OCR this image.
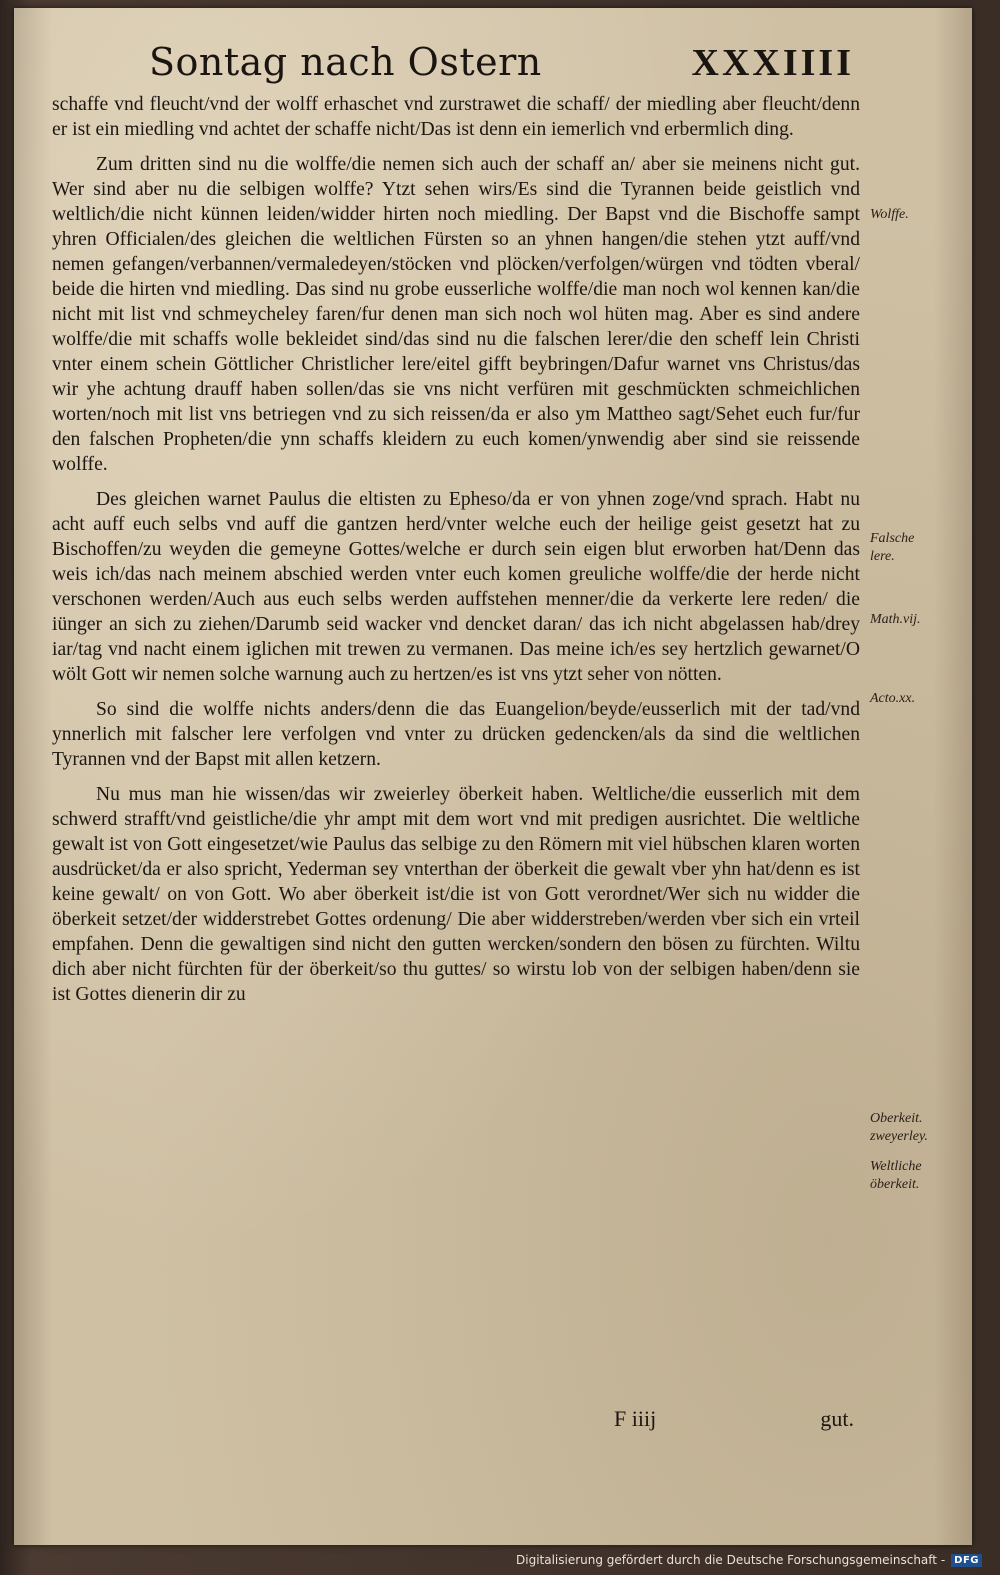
Sontag nach Ostern	XXXIIII

schaffe vnd fleucht/vnd der wolff erhaschet vnd zurstrawet die schaff/ der miedling aber fleucht/denn er ist ein miedling vnd achtet der schaffe nicht/Das ist denn ein iemerlich vnd erbermlich ding.

Zum dritten sind nu die wolffe/die nemen sich auch der schaff an/ aber sie meinens nicht gut. Wer sind aber nu die selbigen wolffe? Ytzt sehen wirs/Es sind die Tyrannen beide geistlich vnd weltlich/die nicht künnen leiden/widder hirten noch miedling. Der Bapst vnd die Bischoffe sampt yhren Officialen/des gleichen die weltlichen Fürsten so an yhnen hangen/die stehen ytzt auff/vnd nemen gefangen/verbannen/vermaledeyen/stöcken vnd plöcken/verfolgen/würgen vnd tödten vberal/ beide die hirten vnd miedling. Das sind nu grobe eusserliche wolffe/die man noch wol kennen kan/die nicht mit list vnd schmeycheley faren/fur denen man sich noch wol hüten mag. Aber es sind andere wolffe/die mit schaffs wolle bekleidet sind/das sind nu die falschen lerer/die den scheff lein Christi vnter einem schein Göttlicher Christlicher lere/eitel gifft beybringen/Dafur warnet vns Christus/das wir yhe achtung drauff haben sollen/das sie vns nicht verfüren mit geschmückten schmeichlichen worten/noch mit list vns betriegen vnd zu sich reissen/da er also ym Mattheo sagt/Sehet euch fur/fur den falschen Propheten/die ynn schaffs kleidern zu euch komen/ynwendig aber sind sie reissende wolffe.

Des gleichen warnet Paulus die eltisten zu Epheso/da er von yhnen zoge/vnd sprach. Habt nu acht auff euch selbs vnd auff die gantzen herd/vnter welche euch der heilige geist gesetzt hat zu Bischoffen/zu weyden die gemeyne Gottes/welche er durch sein eigen blut erworben hat/Denn das weis ich/das nach meinem abschied werden vnter euch komen greuliche wolffe/die der herde nicht verschonen werden/Auch aus euch selbs werden auffstehen menner/die da verkerte lere reden/ die iünger an sich zu ziehen/Darumb seid wacker vnd dencket daran/ das ich nicht abgelassen hab/drey iar/tag vnd nacht einem iglichen mit trewen zu vermanen. Das meine ich/es sey hertzlich gewarnet/O wölt Gott wir nemen solche warnung auch zu hertzen/es ist vns ytzt seher von nötten.

So sind die wolffe nichts anders/denn die das Euangelion/beyde/eusserlich mit der tad/vnd ynnerlich mit falscher lere verfolgen vnd vnter zu drücken gedencken/als da sind die weltlichen Tyrannen vnd der Bapst mit allen ketzern.

Nu mus man hie wissen/das wir zweierley öberkeit haben. Weltliche/die eusserlich mit dem schwerd strafft/vnd geistliche/die yhr ampt mit dem wort vnd mit predigen ausrichtet. Die weltliche gewalt ist von Gott eingesetzet/wie Paulus das selbige zu den Römern mit viel hübschen klaren worten ausdrücket/da er also spricht, Yederman sey vnterthan der öberkeit die gewalt vber yhn hat/denn es ist keine gewalt/ on von Gott. Wo aber öberkeit ist/die ist von Gott verordnet/Wer sich nu widder die öberkeit setzet/der widderstrebet Gottes ordenung/ Die aber widderstreben/werden vber sich ein vrteil empfahen. Denn die gewaltigen sind nicht den gutten wercken/sondern den bösen zu fürchten. Wiltu dich aber nicht fürchten für der öberkeit/so thu guttes/ so wirstu lob von der selbigen haben/denn sie ist Gottes dienerin dir zu

F iiij	gut.
Wolffe.
Falsche lere.
Math.vij.
Acto.xx.
Oberkeit. zweyerley.
Weltliche öberkeit.
Digitalisierung gefördert durch die Deutsche Forschungsgemeinschaft - DFG
